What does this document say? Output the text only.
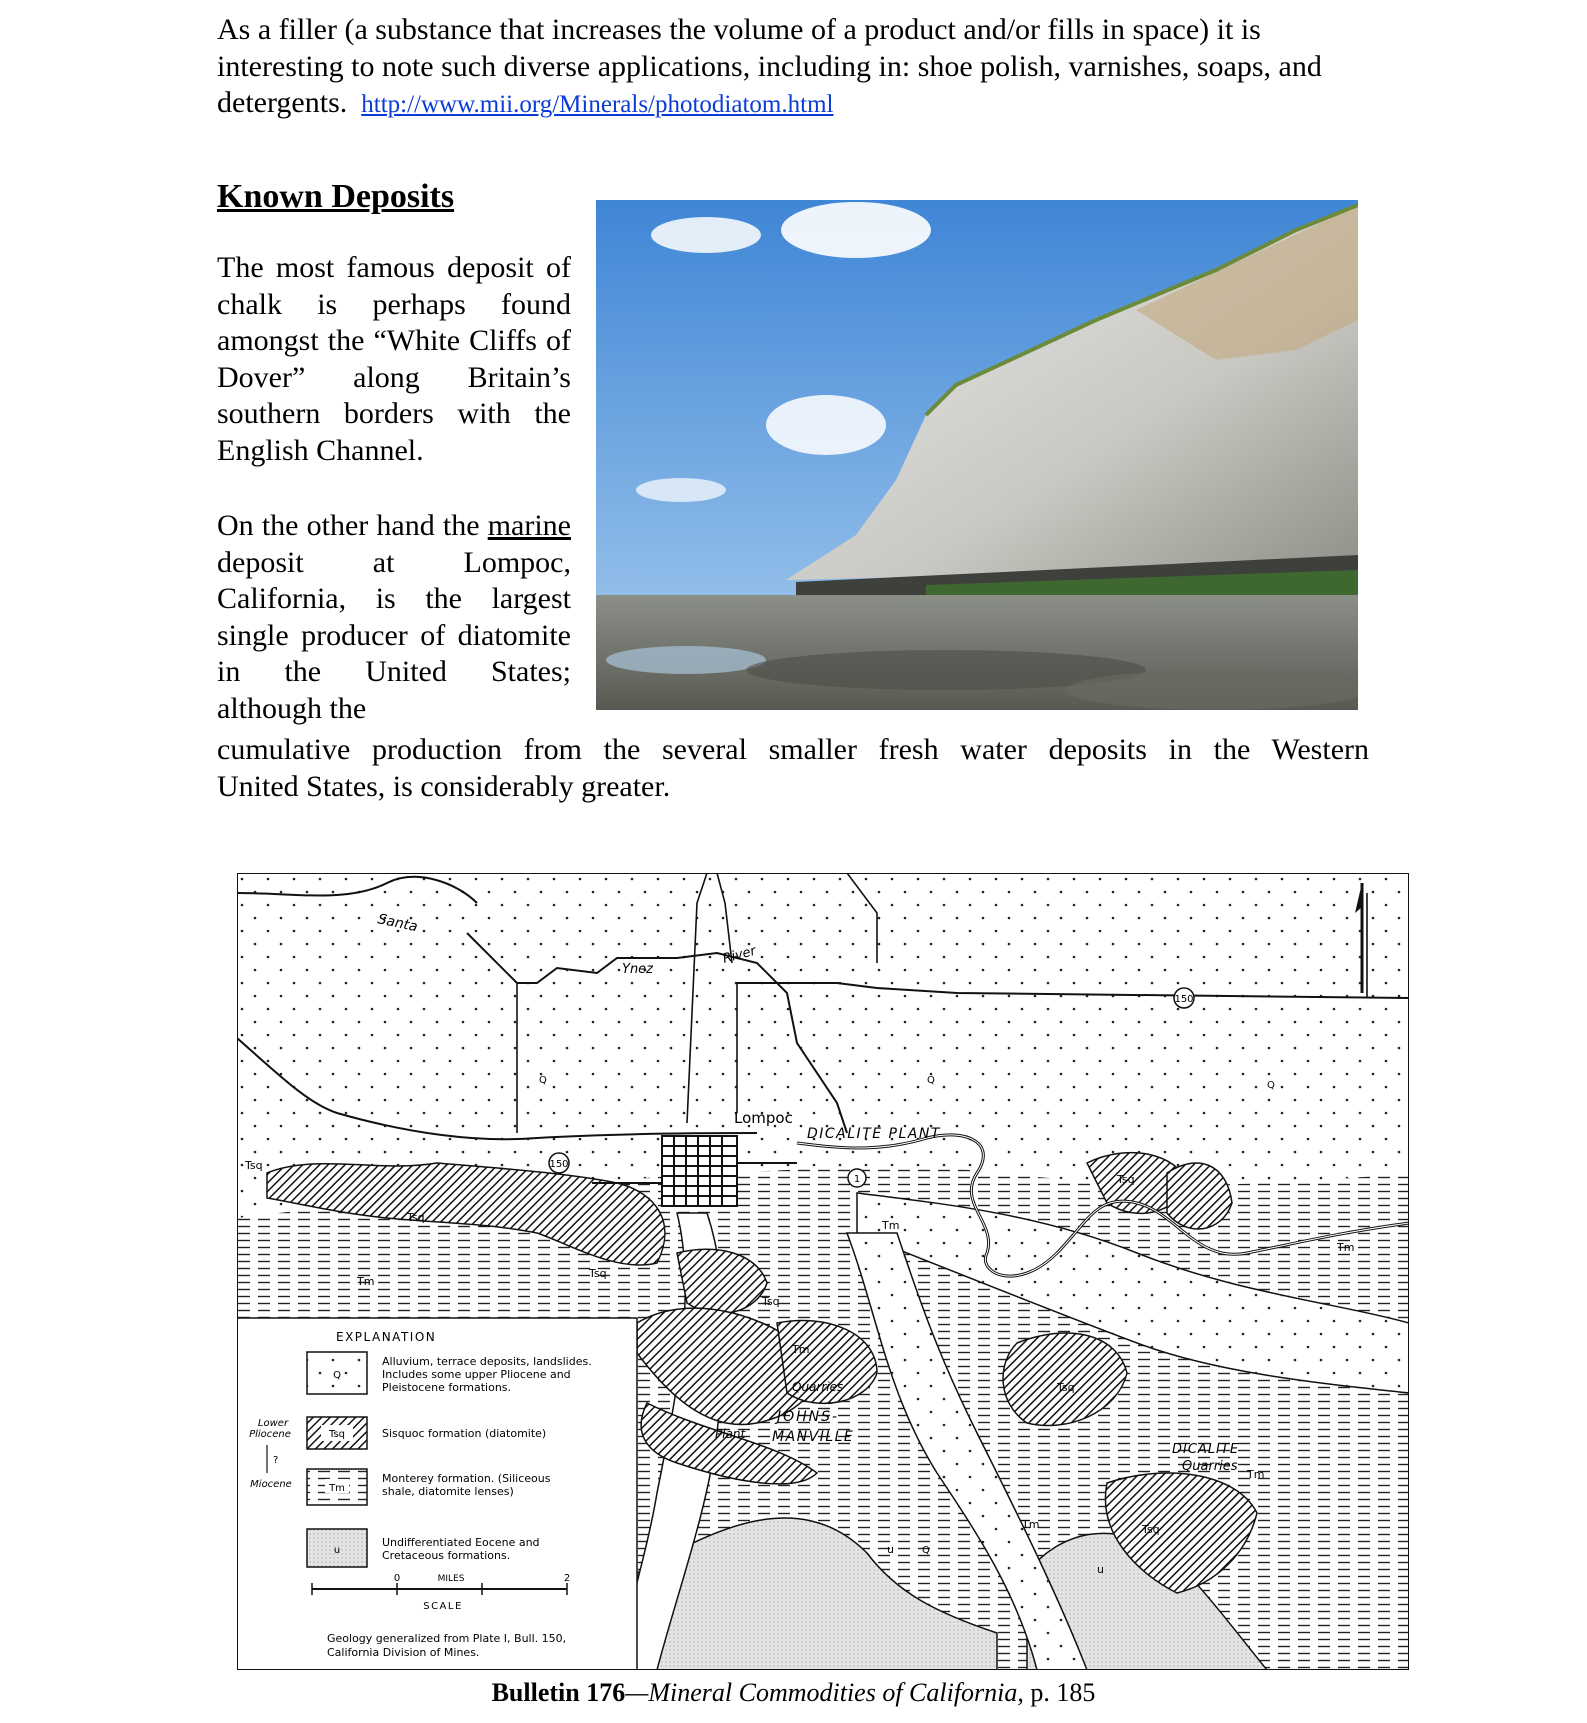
As a filler (a substance that increases the volume of a product and/or fills in space) it is interesting to note such diverse applications, including in: shoe polish, varnishes, soaps, and detergents. http://www.mii.org/Minerals/photodiatom.html

Known Deposits

The most famous deposit of chalk is perhaps found amongst the “White Cliffs of Dover” along Britain’s southern borders with the English Channel.

On the other hand the marine deposit at Lompoc, California, is the largest single producer of diatomite in the United States; although the

cumulative production from the several smaller fresh water deposits in the Western
United States, is considerably greater.

150
150
1
Santa
Ynez
River
Lompoc
DICALITE PLANT
JOHNS-
MANVILLE
Quarries
Plant
DICALITE
Quarries
Tsq
Tsq
Tsq
Tsq
Tsq
Tsq
Tsq
Tm
Tm
Tm
Tm
Tm
Tm
Q	Q	Q
Q
u
u
EXPLANATION
Q
Alluvium, terrace deposits, landslides.
Includes some upper Pliocene and
Pleistocene formations.
Tsq	Sisquoc formation (diatomite)
Tm
Monterey formation. (Siliceous
shale, diatomite lenses)
u
Undifferentiated Eocene and
Cretaceous formations.
Lower
Pliocene
?
Miocene
0	MILES	2
SCALE
Geology generalized from Plate I, Bull. 150,
California Division of Mines.
Bulletin 176—Mineral Commodities of California, p. 185
